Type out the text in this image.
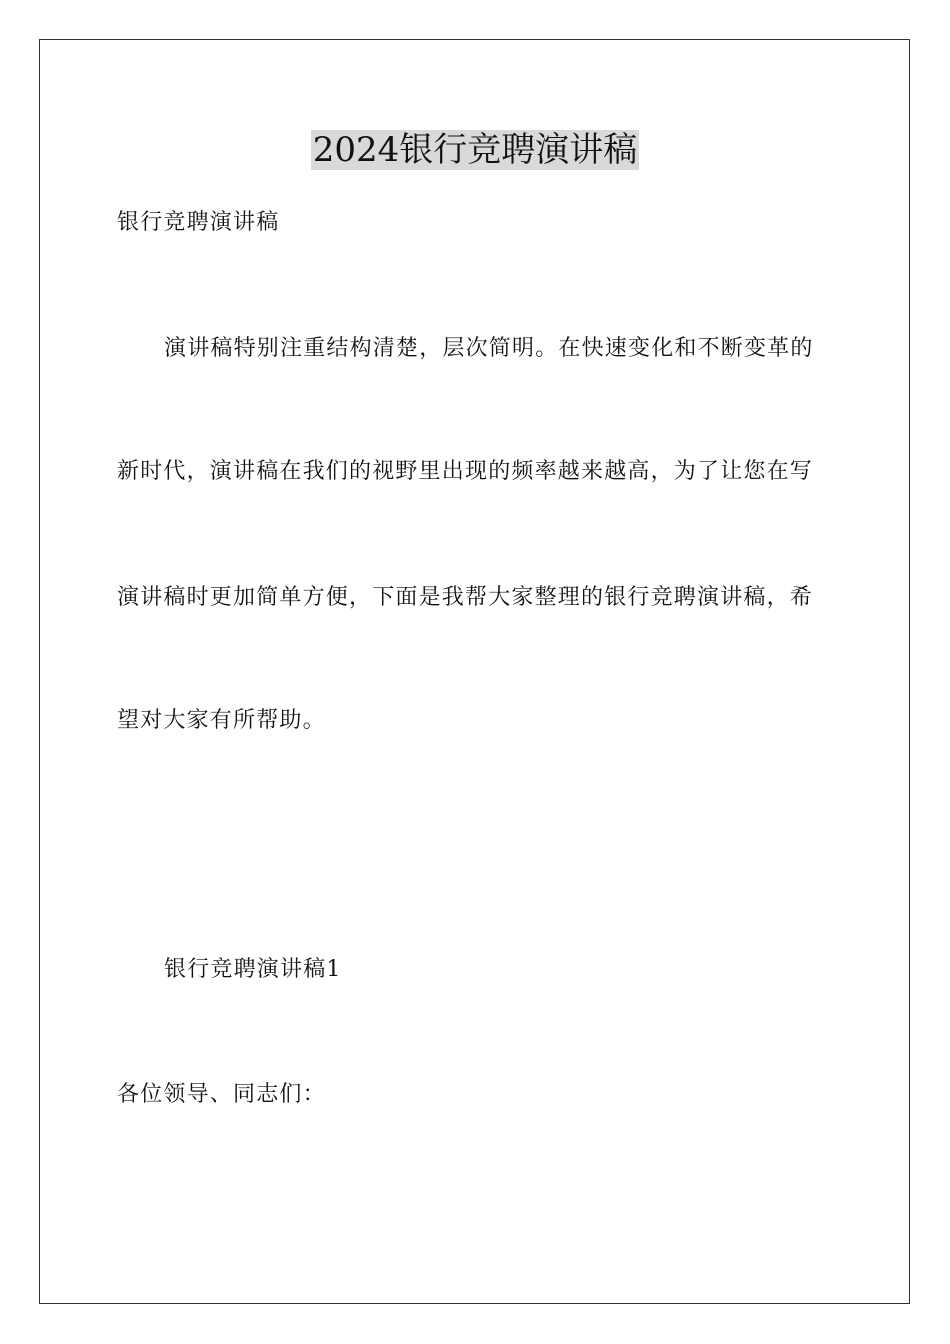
2024银行竞聘演讲稿

银行竞聘演讲稿

演讲稿特别注重结构清楚，层次简明。在快速变化和不断变革的

新时代，演讲稿在我们的视野里出现的频率越来越高，为了让您在写

演讲稿时更加简单方便，下面是我帮大家整理的银行竞聘演讲稿，希

望对大家有所帮助。

银行竞聘演讲稿1

各位领导、同志们：
